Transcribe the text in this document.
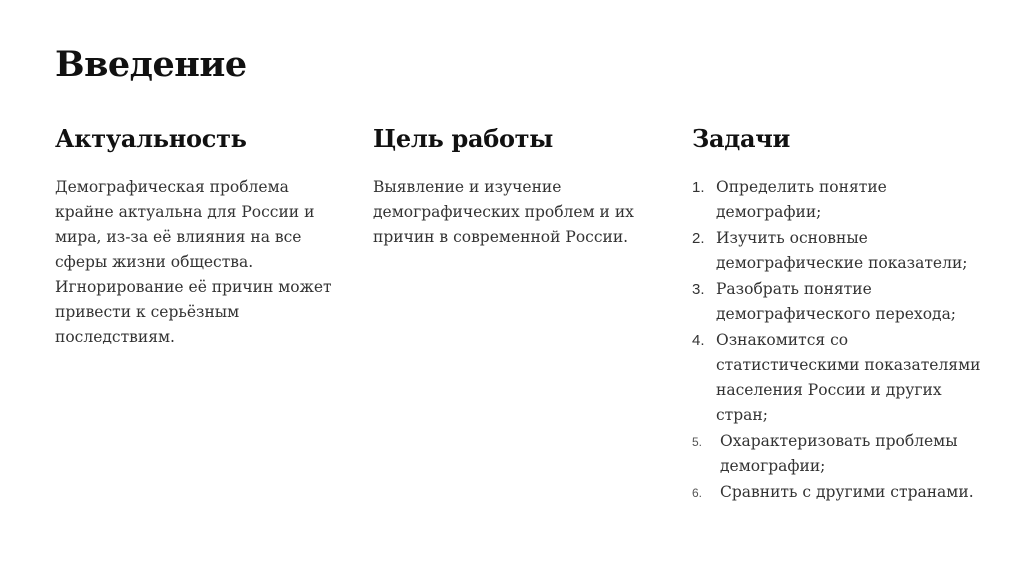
Введение
Актуальность

Демографическая проблема крайне актуальна для России и мира, из-за её влияния на все сферы жизни общества. Игнорирование её причин может привести к серьёзным последствиям.

Цель работы

Выявление и изучение демографических проблем и их причин в современной России.

Задачи
1. Определить понятие демографии;
2. Изучить основные демографические показатели;
3. Разобрать понятие демографического перехода;
4. Ознакомится со статистическими показателями населения России и других стран;
5.	Охарактеризовать проблемы демографии;
6.	Сравнить с другими странами.
